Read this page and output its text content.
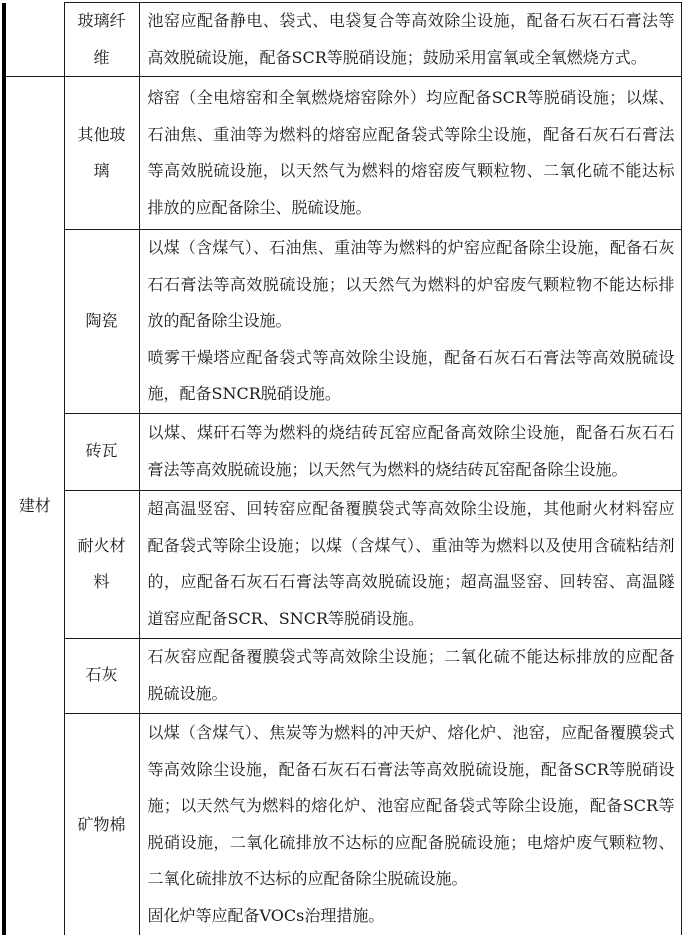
	玻璃纤维	池窑应配备静电、袋式、电袋复合等高效除尘设施，配备石灰石石膏法等高效脱硫设施，配备SCR等脱硝设施；鼓励采用富氧或全氧燃烧方式。

建材	其他玻璃	熔窑（全电熔窑和全氧燃烧熔窑除外）均应配备SCR等脱硝设施；以煤、石油焦、重油等为燃料的熔窑应配备袋式等除尘设施，配备石灰石石膏法等高效脱硫设施，以天然气为燃料的熔窑废气颗粒物、二氧化硫不能达标排放的应配备除尘、脱硫设施。

	陶瓷	以煤（含煤气）、石油焦、重油等为燃料的炉窑应配备除尘设施，配备石灰石石膏法等高效脱硫设施；以天然气为燃料的炉窑废气颗粒物不能达标排放的配备除尘设施。

喷雾干燥塔应配备袋式等高效除尘设施，配备石灰石石膏法等高效脱硫设施，配备SNCR脱硝设施。

	砖瓦	以煤、煤矸石等为燃料的烧结砖瓦窑应配备高效除尘设施，配备石灰石石膏法等高效脱硫设施；以天然气为燃料的烧结砖瓦窑配备除尘设施。

	耐火材料	超高温竖窑、回转窑应配备覆膜袋式等高效除尘设施，其他耐火材料窑应配备袋式等除尘设施；以煤（含煤气）、重油等为燃料以及使用含硫粘结剂的，应配备石灰石石膏法等高效脱硫设施；超高温竖窑、回转窑、高温隧道窑应配备SCR、SNCR等脱硝设施。

	石灰	石灰窑应配备覆膜袋式等高效除尘设施；二氧化硫不能达标排放的应配备脱硫设施。

	矿物棉	以煤（含煤气）、焦炭等为燃料的冲天炉、熔化炉、池窑，应配备覆膜袋式等高效除尘设施，配备石灰石石膏法等高效脱硫设施，配备SCR等脱硝设施；以天然气为燃料的熔化炉、池窑应配备袋式等除尘设施，配备SCR等脱硝设施，二氧化硫排放不达标的应配备脱硫设施；电熔炉废气颗粒物、二氧化硫排放不达标的应配备除尘脱硫设施。

固化炉等应配备VOCs治理措施。
